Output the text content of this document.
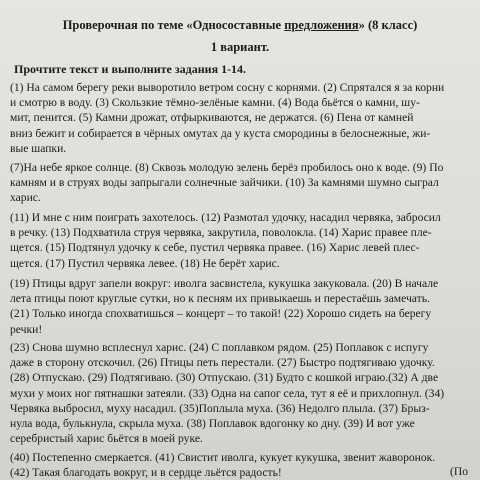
Проверочная по теме «Односоставные предложения» (8 класс)
1 вариант.
Прочтите текст и выполните задания 1-14.
(1) На самом берегу реки выворотило ветром сосну с корнями. (2) Спрятался я за корни
и смотрю в воду. (3) Скользкие тёмно-зелёные камни. (4) Вода бьётся о камни, шу-
мит, пенится. (5) Камни дрожат, отфыркиваются, не держатся. (6) Пена от камней
вниз бежит и собирается в чёрных омутах да у куста смородины в белоснежные, жи-
вые шапки.
(7)На небе яркое солнце. (8) Сквозь молодую зелень берёз пробилось оно к воде. (9) По
камням и в струях воды запрыгали солнечные зайчики. (10) За камнями шумно сыграл
харис.
(11) И мне с ним поиграть захотелось. (12) Размотал удочку, насадил червяка, забросил
в речку. (13) Подхватила струя червяка, закрутила, поволокла. (14) Харис правее пле-
щется. (15) Подтянул удочку к себе, пустил червяка правее. (16) Харис левей плес-
щется. (17) Пустил червяка левее. (18) Не берёт харис.
(19) Птицы вдруг запели вокруг: иволга засвистела, кукушка закуковала. (20) В начале
лета птицы поют круглые сутки, но к песням их привыкаешь и перестаёшь замечать.
(21) Только иногда спохватишься – концерт – то такой! (22) Хорошо сидеть на берегу
речки!
(23) Снова шумно всплеснул харис. (24) С поплавком рядом. (25) Поплавок с испугу
даже в сторону отскочил. (26) Птицы петь перестали. (27) Быстро подтягиваю удочку.
(28) Отпускаю. (29) Подтягиваю. (30) Отпускаю. (31) Будто с кошкой играю.(32) А две
мухи у моих ног пятнашки затеяли. (33) Одна на сапог села, тут я её и прихлопнул. (34)
Червяка выбросил, муху насадил. (35)Поплыла муха. (36) Недолго плыла. (37) Брыз-
нула вода, булькнула, скрыла муха. (38) Поплавок вдогонку ко дну. (39) И вот уже
серебристый харис бьётся в моей руке.
(40) Постепенно смеркается. (41) Свистит иволга, кукует кукушка, звенит жаворонок.
(42) Такая благодать вокруг, и в сердце льётся радость!	(По
